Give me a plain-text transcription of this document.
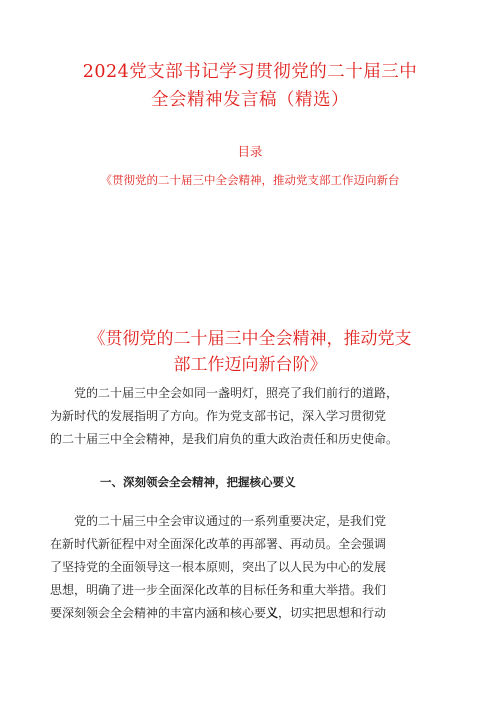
2024党支部书记学习贯彻党的二十届三中
全会精神发言稿（精选）
目录
《贯彻党的二十届三中全会精神，推动党支部工作迈向新台
《贯彻党的二十届三中全会精神，推动党支
部工作迈向新台阶》
党的二十届三中全会如同一盏明灯，照亮了我们前行的道路，
为新时代的发展指明了方向。作为党支部书记，深入学习贯彻党
的二十届三中全会精神，是我们肩负的重大政治责任和历史使命。
一、深刻领会全会精神，把握核心要义
党的二十届三中全会审议通过的一系列重要决定，是我们党
在新时代新征程中对全面深化改革的再部署、再动员。全会强调
了坚持党的全面领导这一根本原则，突出了以人民为中心的发展
思想，明确了进一步全面深化改革的目标任务和重大举措。我们
要深刻领会全会精神的丰富内涵和核心要义，切实把思想和行动
